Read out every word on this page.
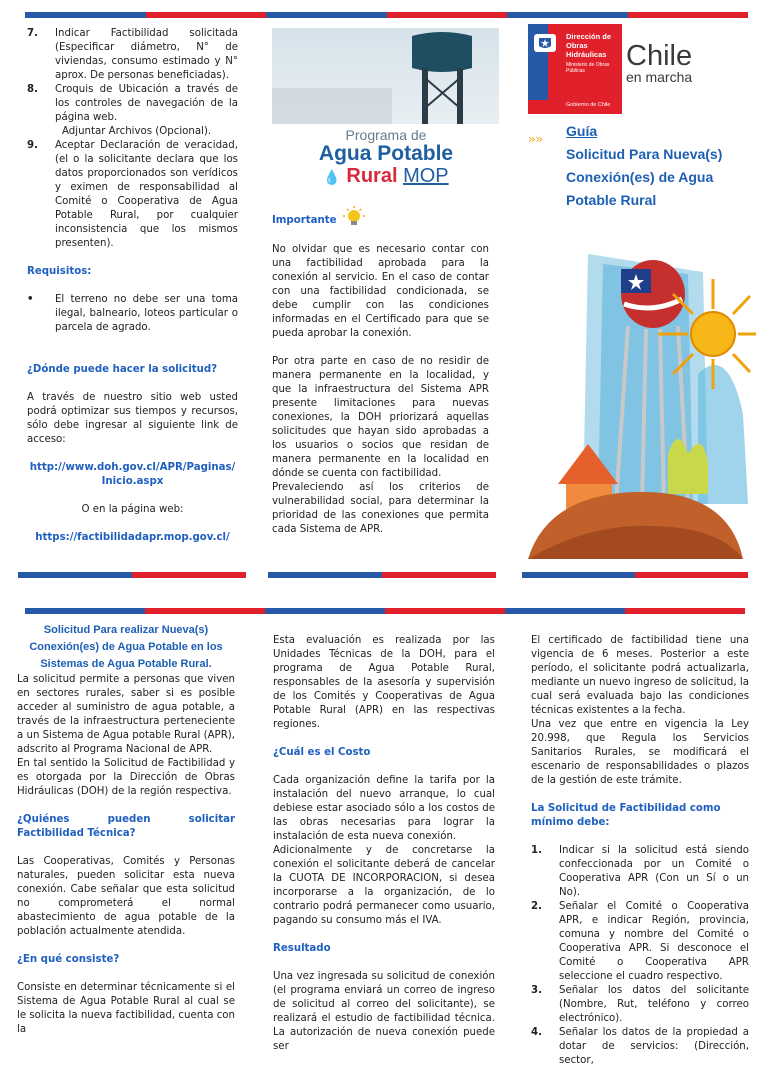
7. Indicar Factibilidad solicitada (Especificar diámetro, N° de viviendas, consumo estimado y N° aprox. De personas beneficiadas).
8. Croquis de Ubicación a través de los controles de navegación de la página web.
Adjuntar Archivos (Opcional).
9. Aceptar Declaración de veracidad, (el o la solicitante declara que los datos proporcionados son verídicos y eximen de responsabilidad al Comité o Cooperativa de Agua Potable Rural, por cualquier inconsistencia que los mismos presenten).

Requisitos:

• El terreno no debe ser una toma ilegal, balneario, loteos particular o parcela de agrado.

¿Dónde puede hacer la solicitud?

A través de nuestro sitio web usted podrá optimizar sus tiempos y recursos, sólo debe ingresar al siguiente link de acceso:

http://www.doh.gov.cl/APR/Paginas/ Inicio.aspx

O en la página web:

https://factibilidadapr.mop.gov.cl/

Programa de
Agua Potable
💧 Rural MOP
Importante

No olvidar que es necesario contar con una factibilidad aprobada para la conexión al servicio. En el caso de contar con una factibilidad condicionada, se debe cumplir con las condiciones informadas en el Certificado para que se pueda aprobar la conexión.

Por otra parte en caso de no residir de manera permanente en la localidad, y que la infraestructura del Sistema APR presente limitaciones para nuevas conexiones, la DOH priorizará aquellas solicitudes que hayan sido aprobadas a los usuarios o socios que residan de manera permanente en la localidad en dónde se cuenta con factibilidad.

Prevaleciendo así los criterios de vulnerabilidad social, para determinar la prioridad de las conexiones que permita cada Sistema de APR.

Dirección de Obras Hidráulicas
Ministerio de Obras Públicas
Gobierno de Chile
Chile
en marcha
›› ›› Guía
Solicitud Para Nueva(s) Conexión(es) de Agua Potable Rural

Solicitud Para realizar Nueva(s) Conexión(es) de Agua Potable en los Sistemas de Agua Potable Rural.

La solicitud permite a personas que viven en sectores rurales, saber si es posible acceder al suministro de agua potable, a través de la infraestructura perteneciente a un Sistema de Agua potable Rural (APR), adscrito al Programa Nacional de APR.

En tal sentido la Solicitud de Factibilidad y es otorgada por la Dirección de Obras Hidráulicas (DOH) de la región respectiva.

¿Quiénes pueden solicitar Factibilidad Técnica?

Las Cooperativas, Comités y Personas naturales, pueden solicitar esta nueva conexión. Cabe señalar que esta solicitud no comprometerá el normal abastecimiento de agua potable de la población actualmente atendida.

¿En qué consiste?

Consiste en determinar técnicamente si el Sistema de Agua Potable Rural al cual se le solicita la nueva factibilidad, cuenta con la

Esta evaluación es realizada por las Unidades Técnicas de la DOH, para el programa de Agua Potable Rural, responsables de la asesoría y supervisión de los Comités y Cooperativas de Agua Potable Rural (APR) en las respectivas regiones.

¿Cuál es el Costo

Cada organización define la tarifa por la instalación del nuevo arranque, lo cual debiese estar asociado sólo a los costos de las obras necesarias para lograr la instalación de esta nueva conexión.

Adicionalmente y de concretarse la conexión el solicitante deberá de cancelar la CUOTA DE INCORPORACION, si desea incorporarse a la organización, de lo contrario podrá permanecer como usuario, pagando su consumo más el IVA.

Resultado

Una vez ingresada su solicitud de conexión (el programa enviará un correo de ingreso de solicitud al correo del solicitante), se realizará el estudio de factibilidad técnica. La autorización de nueva conexión puede ser

El certificado de factibilidad tiene una vigencia de 6 meses. Posterior a este período, el solicitante podrá actualizarla, mediante un nuevo ingreso de solicitud, la cual será evaluada bajo las condiciones técnicas existentes a la fecha.

Una vez que entre en vigencia la Ley 20.998, que Regula los Servicios Sanitarios Rurales, se modificará el escenario de responsabilidades o plazos de la gestión de este trámite.

La Solicitud de Factibilidad como mínimo debe:

1. Indicar si la solicitud está siendo confeccionada por un Comité o Cooperativa APR (Con un Sí o un No).
2. Señalar el Comité o Cooperativa APR, e indicar Región, provincia, comuna y nombre del Comité o Cooperativa APR. Si desconoce el Comité o Cooperativa APR seleccione el cuadro respectivo.
3. Señalar los datos del solicitante (Nombre, Rut, teléfono y correo electrónico).
4. Señalar los datos de la propiedad a dotar de servicios: (Dirección, sector,
